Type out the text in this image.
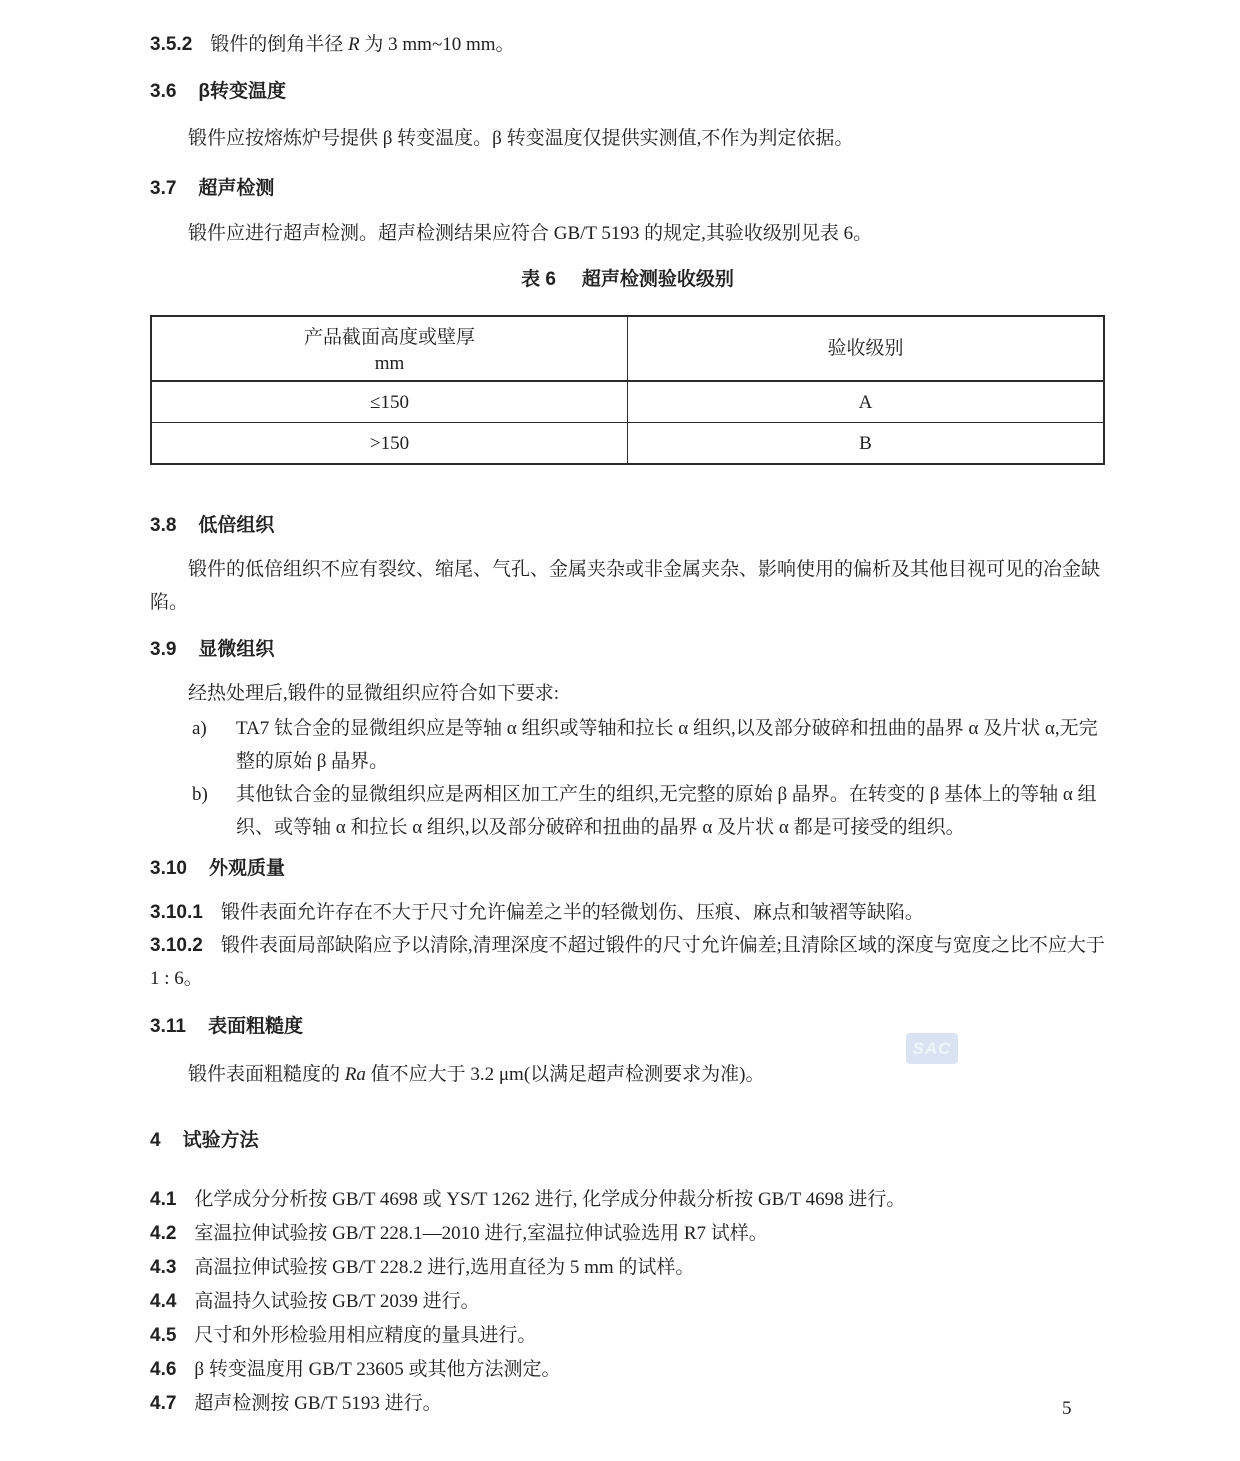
3.5.2 锻件的倒角半径 R 为 3 mm~10 mm。
3.6 β转变温度
锻件应按熔炼炉号提供 β 转变温度。β 转变温度仅提供实测值,不作为判定依据。
3.7 超声检测
锻件应进行超声检测。超声检测结果应符合 GB/T 5193 的规定,其验收级别见表 6。
表 6 超声检测验收级别
产品截面高度或壁厚
mm	验收级别
≤150	A
>150	B
3.8 低倍组织
锻件的低倍组织不应有裂纹、缩尾、气孔、金属夹杂或非金属夹杂、影响使用的偏析及其他目视可见的冶金缺陷。
3.9 显微组织
经热处理后,锻件的显微组织应符合如下要求:
a)	TA7 钛合金的显微组织应是等轴 α 组织或等轴和拉长 α 组织,以及部分破碎和扭曲的晶界 α 及片状 α,无完整的原始 β 晶界。
b)	其他钛合金的显微组织应是两相区加工产生的组织,无完整的原始 β 晶界。在转变的 β 基体上的等轴 α 组织、或等轴 α 和拉长 α 组织,以及部分破碎和扭曲的晶界 α 及片状 α 都是可接受的组织。
3.10 外观质量
3.10.1 锻件表面允许存在不大于尺寸允许偏差之半的轻微划伤、压痕、麻点和皱褶等缺陷。
3.10.2 锻件表面局部缺陷应予以清除,清理深度不超过锻件的尺寸允许偏差;且清除区域的深度与宽度之比不应大于 1 : 6。
3.11 表面粗糙度
锻件表面粗糙度的 Ra 值不应大于 3.2 μm(以满足超声检测要求为准)。
4 试验方法
4.1 化学成分分析按 GB/T 4698 或 YS/T 1262 进行, 化学成分仲裁分析按 GB/T 4698 进行。
4.2 室温拉伸试验按 GB/T 228.1—2010 进行,室温拉伸试验选用 R7 试样。
4.3 高温拉伸试验按 GB/T 228.2 进行,选用直径为 5 mm 的试样。
4.4 高温持久试验按 GB/T 2039 进行。
4.5 尺寸和外形检验用相应精度的量具进行。
4.6 β 转变温度用 GB/T 23605 或其他方法测定。
4.7 超声检测按 GB/T 5193 进行。
SAC
5
